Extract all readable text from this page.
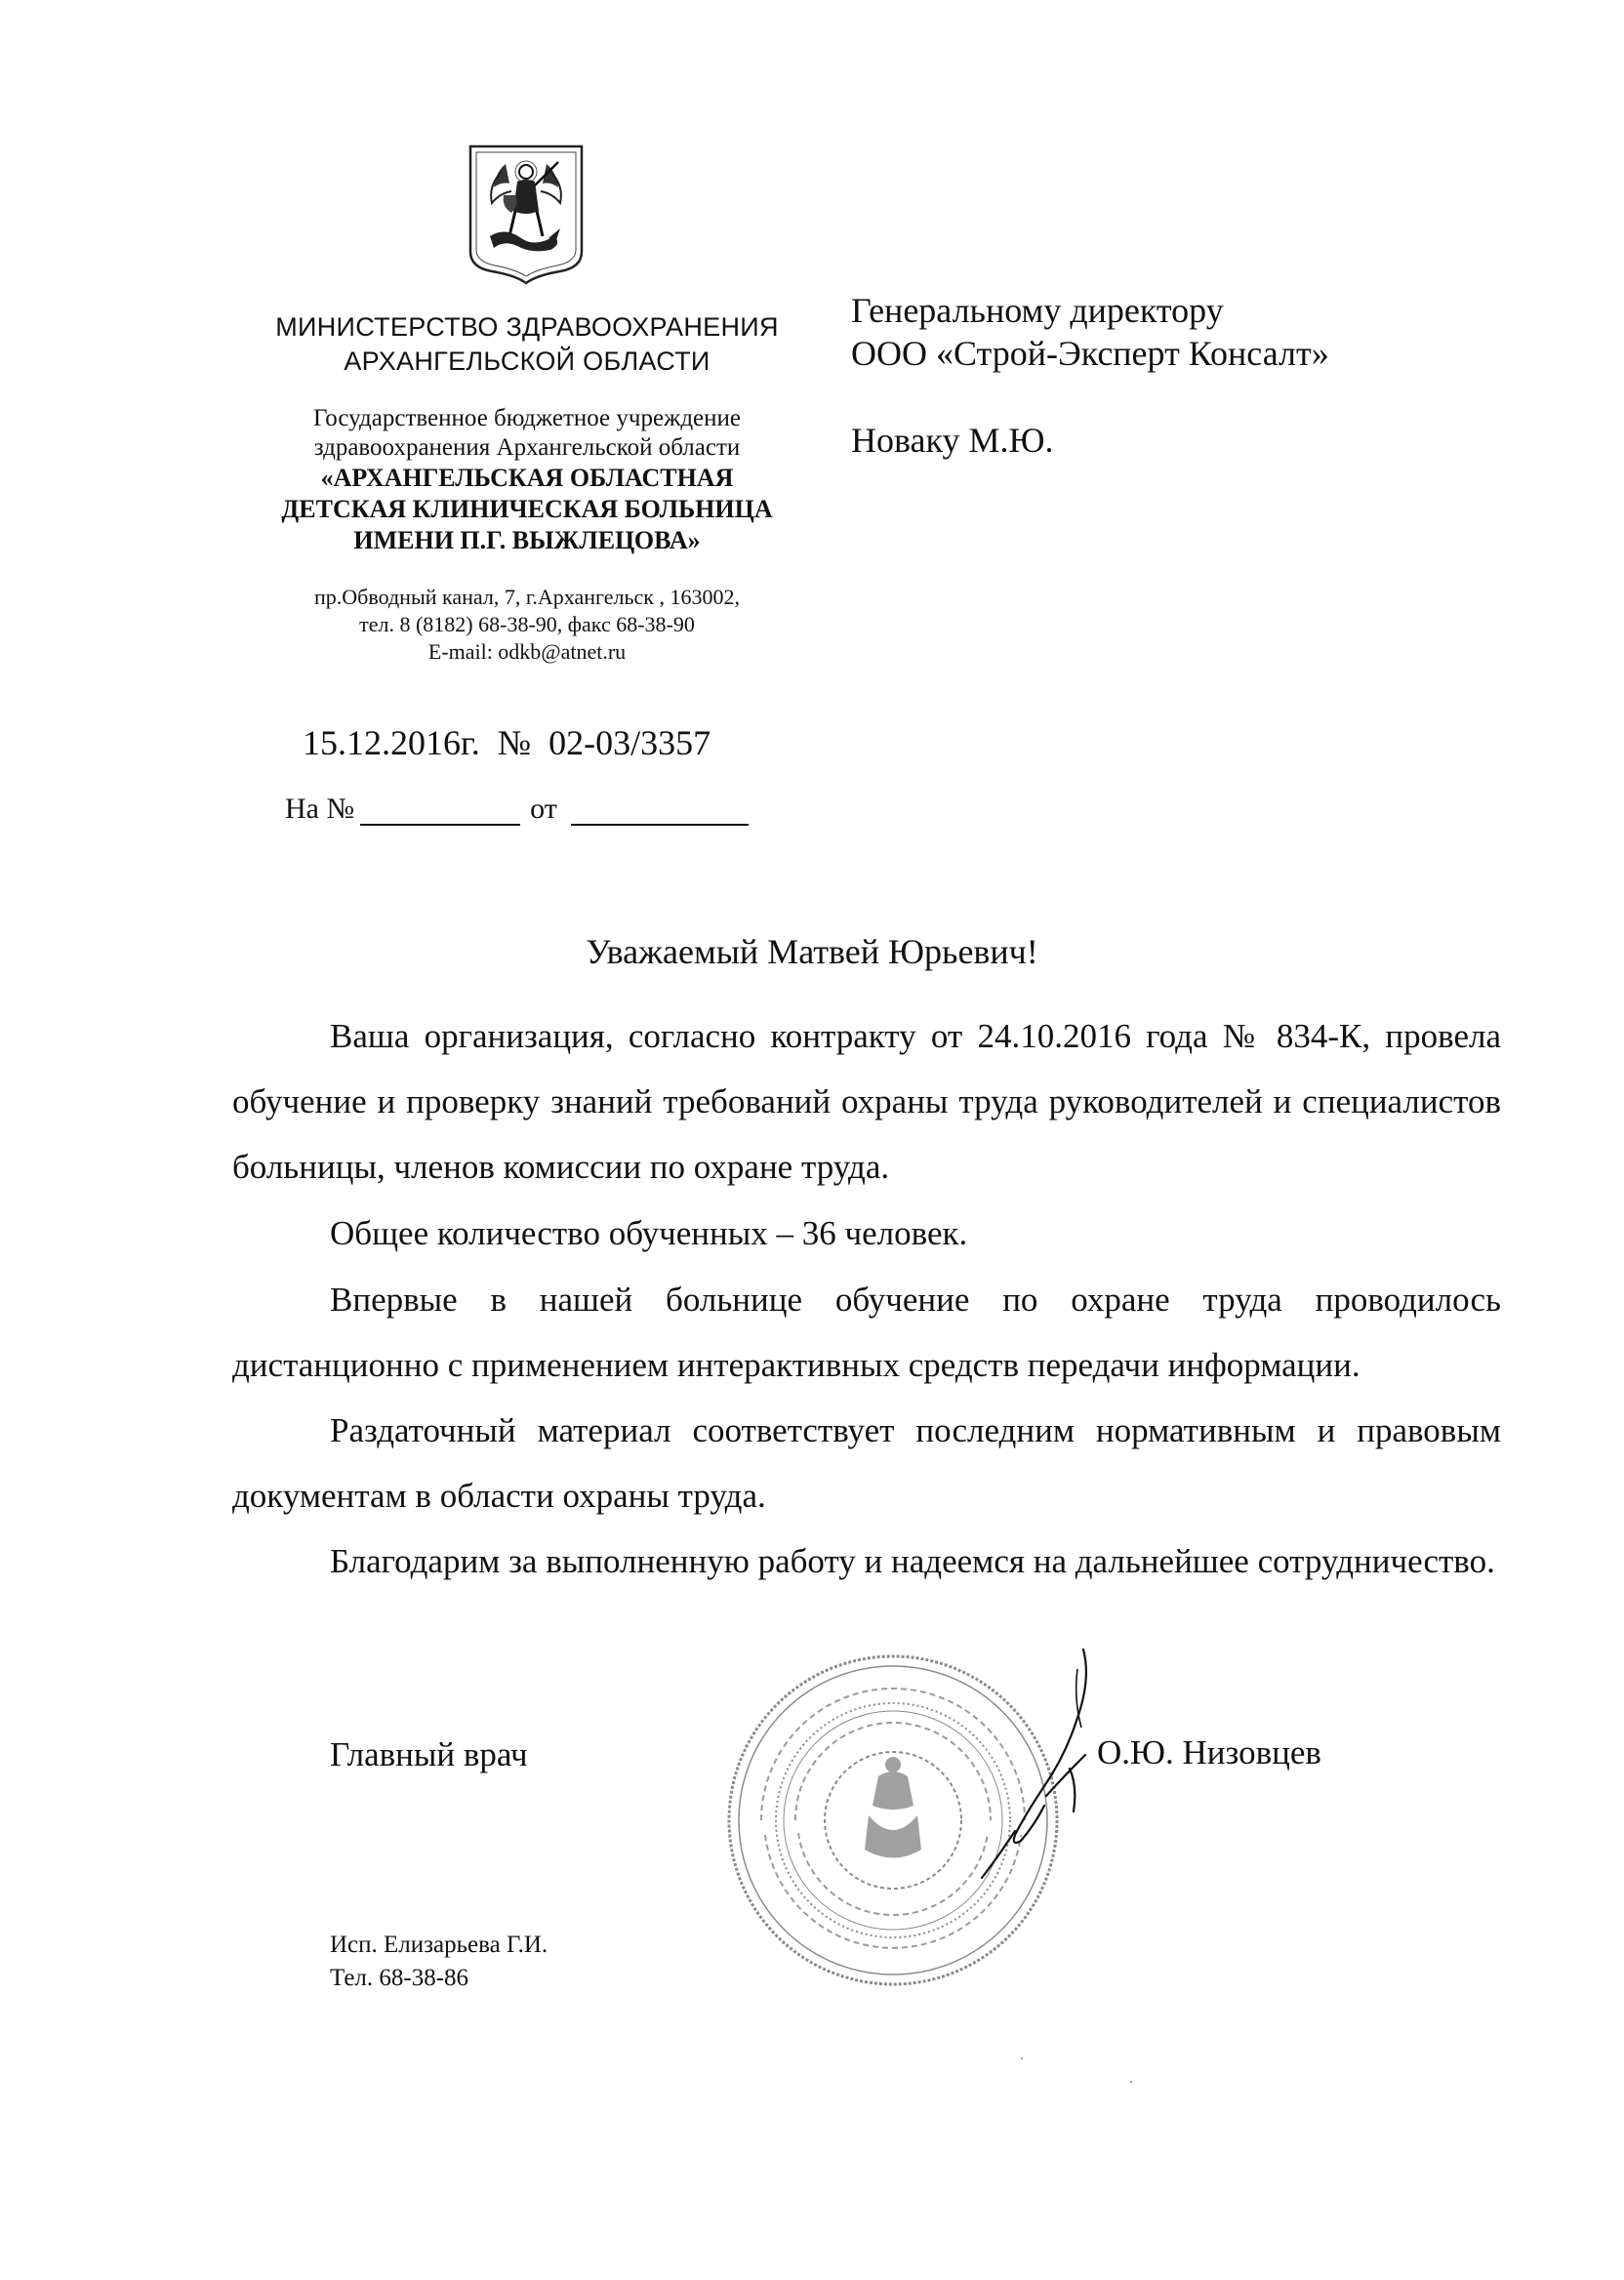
МИНИСТЕРСТВО ЗДРАВООХРАНЕНИЯ
АРХАНГЕЛЬСКОЙ ОБЛАСТИ
Государственное бюджетное учреждение
здравоохранения Архангельской области
«АРХАНГЕЛЬСКАЯ ОБЛАСТНАЯ
ДЕТСКАЯ КЛИНИЧЕСКАЯ БОЛЬНИЦА
ИМЕНИ П.Г. ВЫЖЛЕЦОВА»
пр.Обводный канал, 7, г.Архангельск , 163002,
тел. 8 (8182) 68-38-90, факс 68-38-90
E-mail: odkb@atnet.ru
15.12.2016г. № 02-03/3357
На №	от
Генеральному директору
ООО «Строй-Эксперт Консалт»
Новаку М.Ю.
Уважаемый Матвей Юрьевич!
Ваша организация, согласно контракту от 24.10.2016 года № 834-К, провела обучение и проверку знаний требований охраны труда руководителей и специалистов больницы, членов комиссии по охране труда.
Общее количество обученных – 36 человек.
Впервые в нашей больнице обучение по охране труда проводилось дистанционно с применением интерактивных средств передачи информации.
Раздаточный материал соответствует последним нормативным и правовым документам в области охраны труда.
Благодарим за выполненную работу и надеемся на дальнейшее сотрудничество.
Главный врач	О.Ю. Низовцев
Исп. Елизарьева Г.И.
Тел. 68-38-86
